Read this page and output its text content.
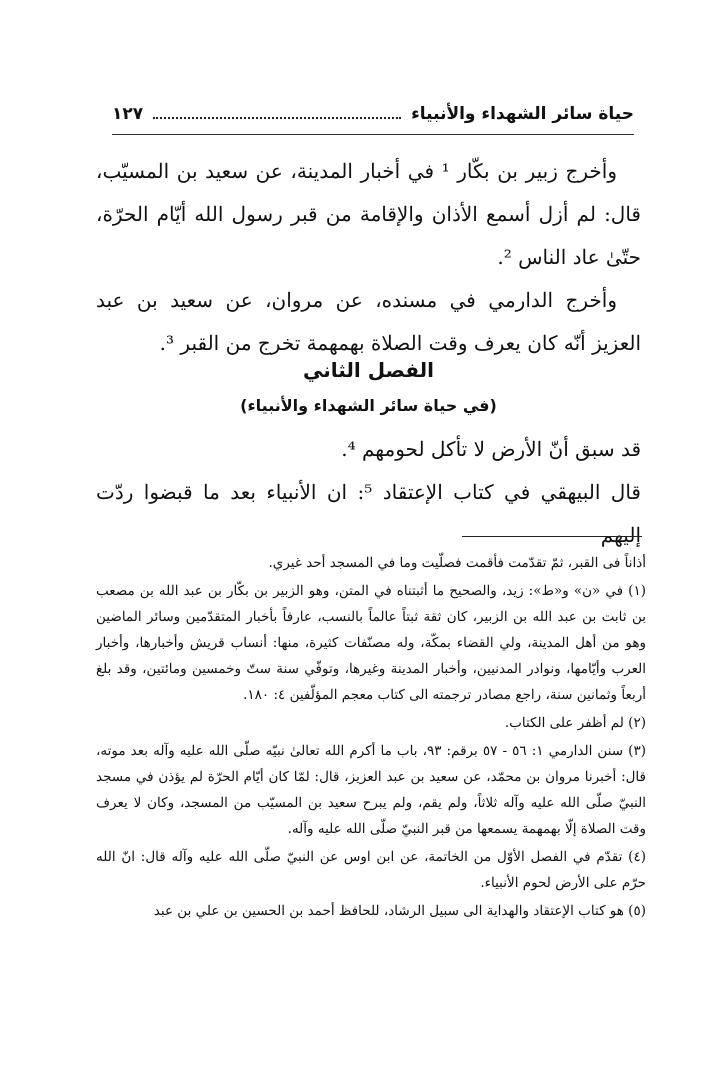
حياة سائر الشهداء والأنبياء
١٢٧

وأخرج زبير بن بكّار ¹ في أخبار المدينة، عن سعيد بن المسيّب، قال: لم أزل أسمع الأذان والإقامة من قبر رسول الله أيّام الحرّة، حتّىٰ عاد الناس ².

وأخرج الدارمي في مسنده، عن مروان، عن سعيد بن عبد العزيز أنّه كان يعرف وقت الصلاة بهمهمة تخرج من القبر ³.

الفصل الثاني
(في حياة سائر الشهداء والأنبياء)

قد سبق أنّ الأرض لا تأكل لحومهم ⁴.

قال البيهقي في كتاب الإعتقاد ⁵: ان الأنبياء بعد ما قبضوا ردّت إليهم

أذاناً فى القبر، ثمّ تقدّمت فأقمت فصلّيت وما في المسجد أحد غيري.

(١) في «ن» و«ط»: زيد، والصحيح ما أثبتناه في المتن، وهو الزبير بن بكّار بن عبد الله بن مصعب بن ثابت بن عبد الله بن الزبير، كان ثقة ثبتاً عالماً بالنسب، عارفاً بأخبار المتقدّمين وسائر الماضين وهو من أهل المدينة، ولي القضاء بمكّة، وله مصنّفات كثيرة، منها: أنساب قريش وأخبارها، وأخبار العرب وأيّامها، ونوادر المدنيين، وأخبار المدينة وغيرها، وتوفّي سنة ستّ وخمسين ومائتين، وقد بلغ أربعاً وثمانين سنة، راجع مصادر ترجمته الى كتاب معجم المؤلّفين ٤: ١٨٠.

(٢) لم أظفر على الكتاب.

(٣) سنن الدارمي ١: ٥٦ - ٥٧ برقم: ٩٣، باب ما أكرم الله تعالىٰ نبيّه صلّى الله عليه وآله بعد موته، قال: أخبرنا مروان بن محمّد، عن سعيد بن عبد العزيز، قال: لمّا كان أيّام الحرّة لم يؤذن في مسجد النبيّ صلّى الله عليه وآله ثلاثاً، ولم يقم، ولم يبرح سعيد بن المسيّب من المسجد، وكان لا يعرف وقت الصلاة إلّا بهمهمة يسمعها من قبر النبيّ صلّى الله عليه وآله.

(٤) تقدّم في الفصل الأوّل من الخاتمة، عن ابن اوس عن النبيّ صلّى الله عليه وآله قال: انّ الله حرّم على الأرض لحوم الأنبياء.

(٥) هو كتاب الإعتقاد والهداية الى سبيل الرشاد، للحافظ أحمد بن الحسين بن علي بن عبد
